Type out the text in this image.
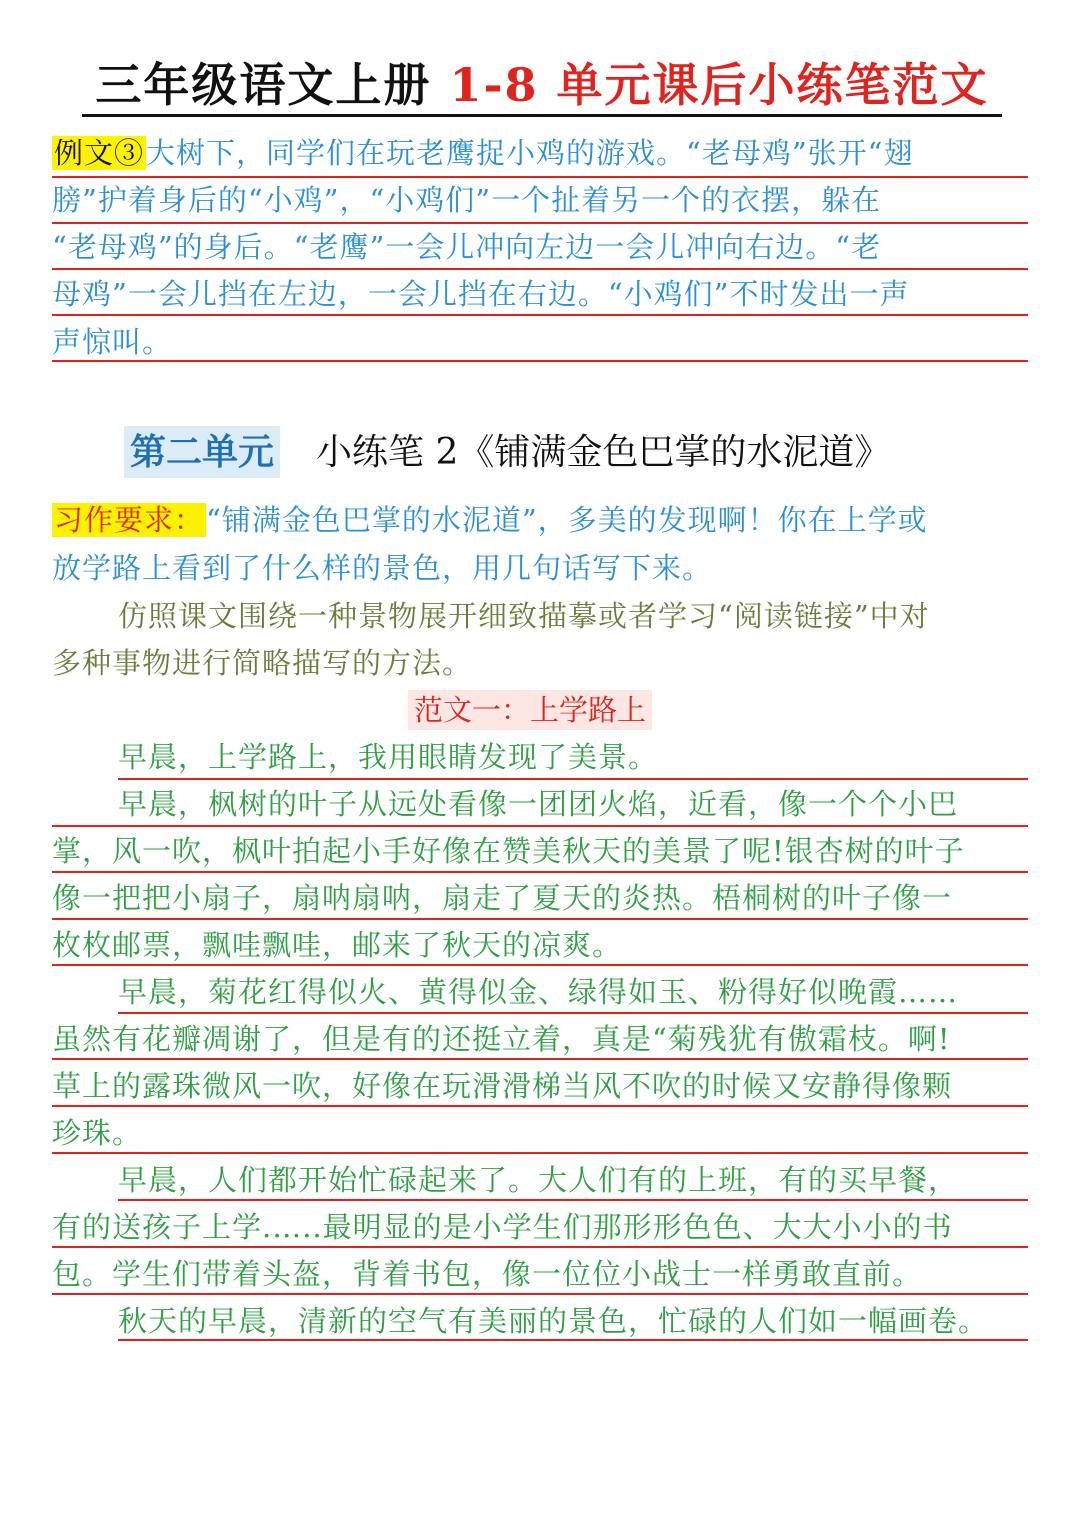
三年级语文上册 1-8 单元课后小练笔范文
例文③大树下，同学们在玩老鹰捉小鸡的游戏。“老母鸡”张开“翅
膀”护着身后的“小鸡”，“小鸡们”一个扯着另一个的衣摆，躲在
“老母鸡”的身后。“老鹰”一会儿冲向左边一会儿冲向右边。“老
母鸡”一会儿挡在左边，一会儿挡在右边。“小鸡们”不时发出一声
声惊叫。
第二单元 小练笔 2《铺满金色巴掌的水泥道》
习作要求：“铺满金色巴掌的水泥道”，多美的发现啊！你在上学或
放学路上看到了什么样的景色，用几句话写下来。
仿照课文围绕一种景物展开细致描摹或者学习“阅读链接”中对
多种事物进行简略描写的方法。
范文一：上学路上
早晨，上学路上，我用眼睛发现了美景。
早晨，枫树的叶子从远处看像一团团火焰，近看，像一个个小巴
掌，风一吹，枫叶拍起小手好像在赞美秋天的美景了呢!银杏树的叶子
像一把把小扇子，扇呐扇呐，扇走了夏天的炎热。梧桐树的叶子像一
枚枚邮票，飘哇飘哇，邮来了秋天的凉爽。
早晨，菊花红得似火、黄得似金、绿得如玉、粉得好似晚霞……
虽然有花瓣凋谢了，但是有的还挺立着，真是“菊残犹有傲霜枝。啊!
草上的露珠微风一吹，好像在玩滑滑梯当风不吹的时候又安静得像颗
珍珠。
早晨，人们都开始忙碌起来了。大人们有的上班，有的买早餐，
有的送孩子上学.…..最明显的是小学生们那形形色色、大大小小的书
包。学生们带着头盔，背着书包，像一位位小战士一样勇敢直前。
秋天的早晨，清新的空气有美丽的景色，忙碌的人们如一幅画卷。
